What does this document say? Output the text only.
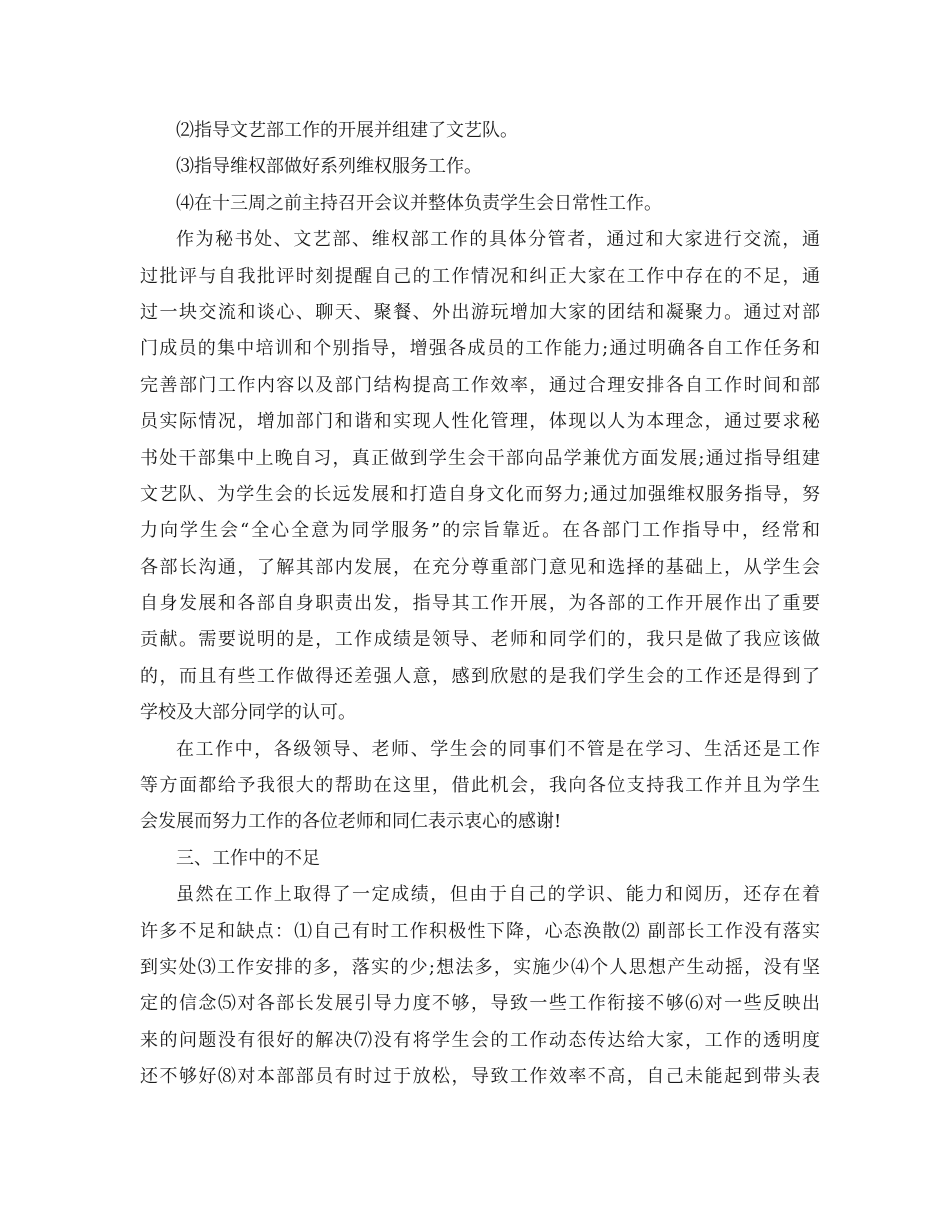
⑵指导文艺部工作的开展并组建了文艺队。
⑶指导维权部做好系列维权服务工作。
⑷在十三周之前主持召开会议并整体负责学生会日常性工作。
作为秘书处、文艺部、维权部工作的具体分管者，通过和大家进行交流，通
过批评与自我批评时刻提醒自己的工作情况和纠正大家在工作中存在的不足，通
过一块交流和谈心、聊天、聚餐、外出游玩增加大家的团结和凝聚力。通过对部
门成员的集中培训和个别指导，增强各成员的工作能力;通过明确各自工作任务和
完善部门工作内容以及部门结构提高工作效率，通过合理安排各自工作时间和部
员实际情况，增加部门和谐和实现人性化管理，体现以人为本理念，通过要求秘
书处干部集中上晚自习，真正做到学生会干部向品学兼优方面发展;通过指导组建
文艺队、为学生会的长远发展和打造自身文化而努力;通过加强维权服务指导，努
力向学生会“全心全意为同学服务”的宗旨靠近。在各部门工作指导中，经常和
各部长沟通，了解其部内发展，在充分尊重部门意见和选择的基础上，从学生会
自身发展和各部自身职责出发，指导其工作开展，为各部的工作开展作出了重要
贡献。需要说明的是，工作成绩是领导、老师和同学们的，我只是做了我应该做
的，而且有些工作做得还差强人意，感到欣慰的是我们学生会的工作还是得到了
学校及大部分同学的认可。
在工作中，各级领导、老师、学生会的同事们不管是在学习、生活还是工作
等方面都给予我很大的帮助在这里，借此机会，我向各位支持我工作并且为学生
会发展而努力工作的各位老师和同仁表示衷心的感谢!
三、工作中的不足
虽然在工作上取得了一定成绩，但由于自己的学识、能力和阅历，还存在着
许多不足和缺点：⑴自己有时工作积极性下降，心态涣散⑵ 副部长工作没有落实
到实处⑶工作安排的多，落实的少;想法多，实施少⑷个人思想产生动摇，没有坚
定的信念⑸对各部长发展引导力度不够，导致一些工作衔接不够⑹对一些反映出
来的问题没有很好的解决⑺没有将学生会的工作动态传达给大家，工作的透明度
还不够好⑻对本部部员有时过于放松，导致工作效率不高，自己未能起到带头表
